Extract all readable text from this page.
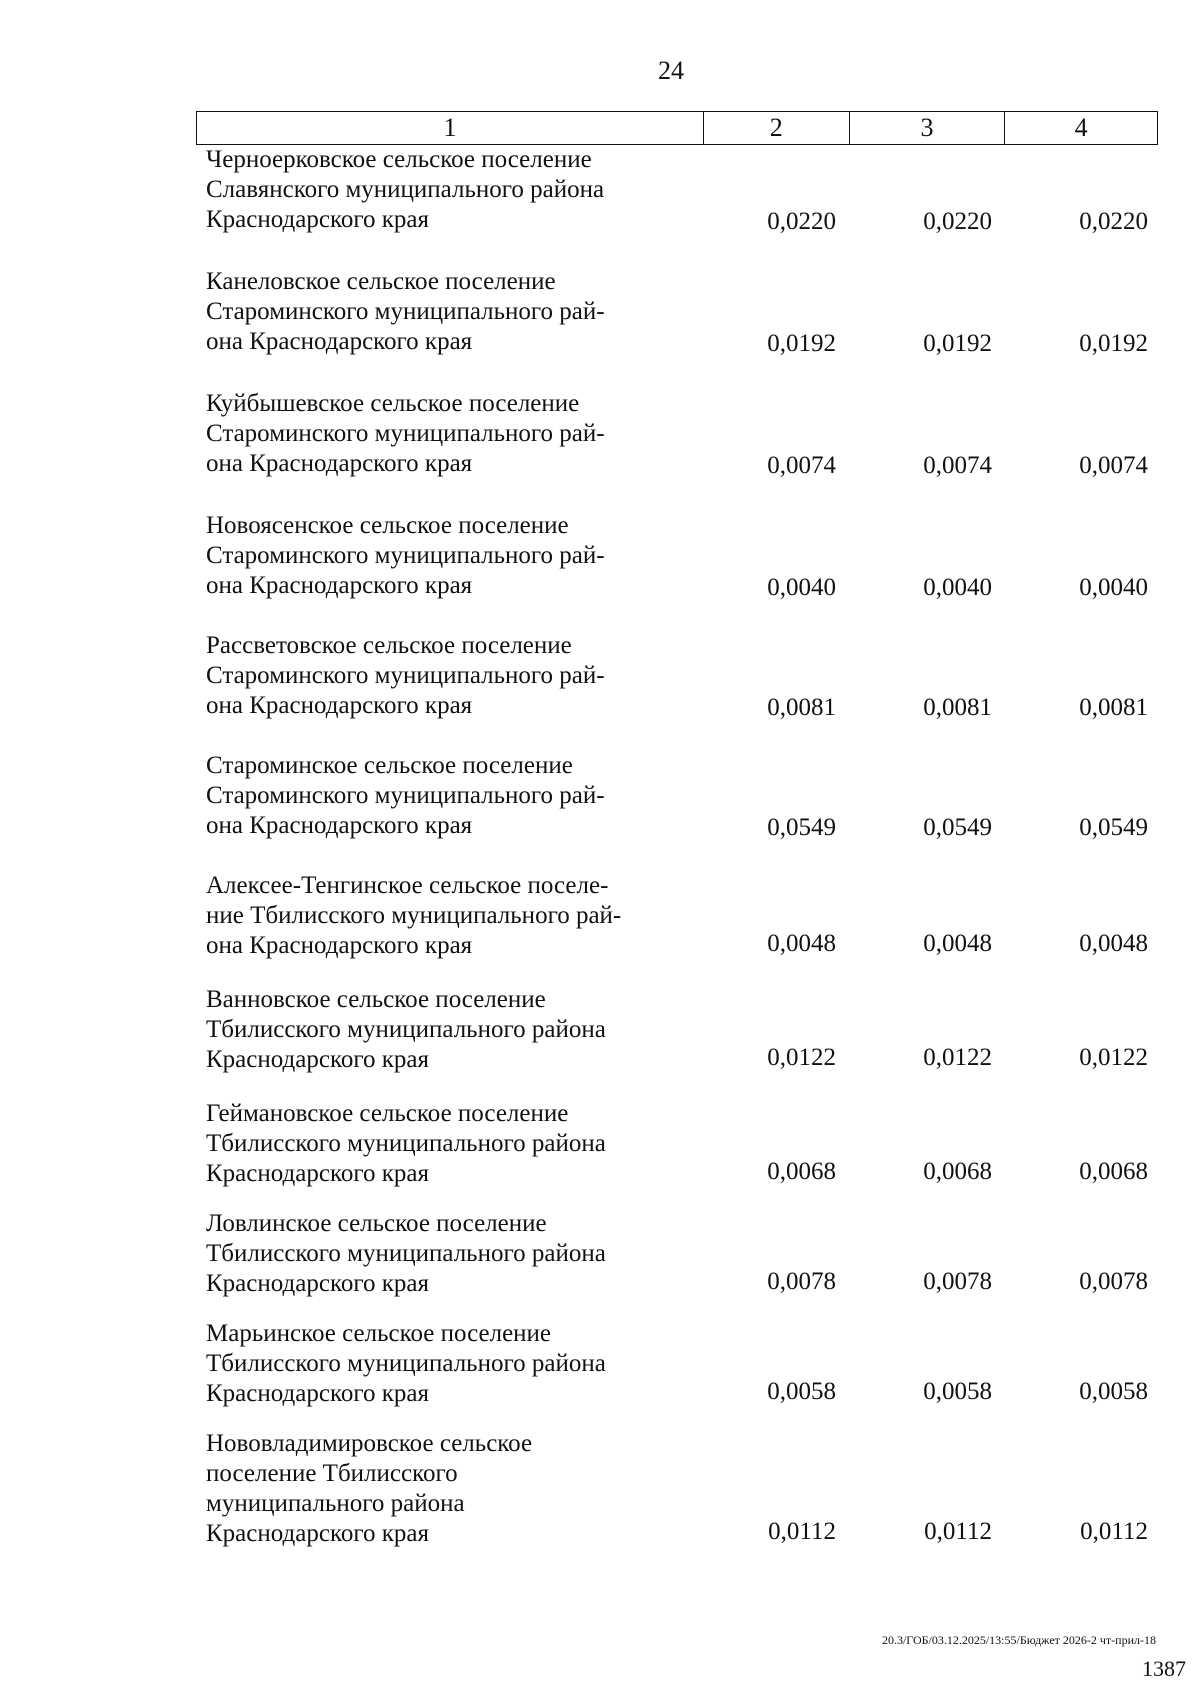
24
1	2	3	4
Черноерковское сельское поселение
Славянского муниципального района
Краснодарского края	0,0220	0,0220	0,0220
Канеловское сельское поселение
Староминского муниципального рай-
она Краснодарского края	0,0192	0,0192	0,0192
Куйбышевское сельское поселение
Староминского муниципального рай-
она Краснодарского края	0,0074	0,0074	0,0074
Новоясенское сельское поселение
Староминского муниципального рай-
она Краснодарского края	0,0040	0,0040	0,0040
Рассветовское сельское поселение
Староминского муниципального рай-
она Краснодарского края	0,0081	0,0081	0,0081
Староминское сельское поселение
Староминского муниципального рай-
она Краснодарского края	0,0549	0,0549	0,0549
Алексее-Тенгинское сельское поселе-
ние Тбилисского муниципального рай-
она Краснодарского края	0,0048	0,0048	0,0048
Ванновское сельское поселение
Тбилисского муниципального района
Краснодарского края	0,0122	0,0122	0,0122
Геймановское сельское поселение
Тбилисского муниципального района
Краснодарского края	0,0068	0,0068	0,0068
Ловлинское сельское поселение
Тбилисского муниципального района
Краснодарского края	0,0078	0,0078	0,0078
Марьинское сельское поселение
Тбилисского муниципального района
Краснодарского края	0,0058	0,0058	0,0058
Нововладимировское сельское
поселение Тбилисского
муниципального района
Краснодарского края	0,0112	0,0112	0,0112
20.3/ГОБ/03.12.2025/13:55/Бюджет 2026-2 чт-прил-18
1387
